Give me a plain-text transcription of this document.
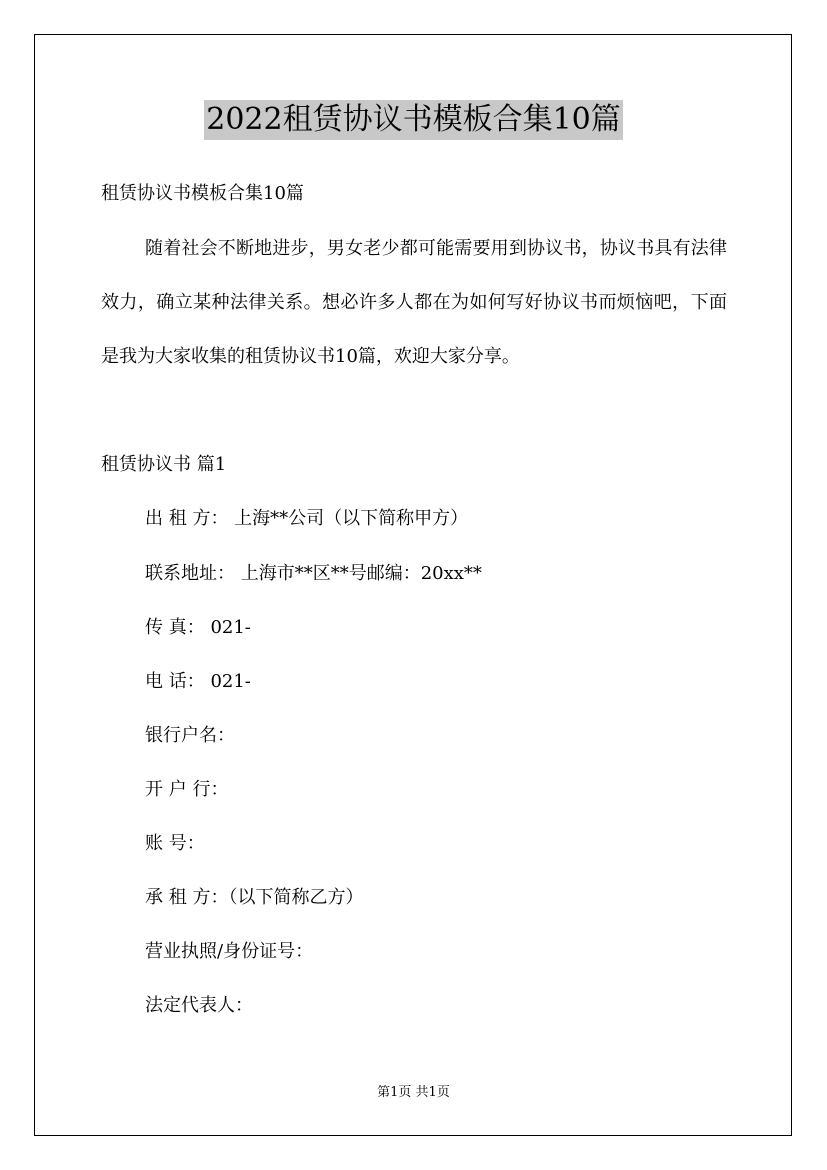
2022租赁协议书模板合集10篇
租赁协议书模板合集10篇
随着社会不断地进步，男女老少都可能需要用到协议书，协议书具有法律效力，确立某种法律关系。想必许多人都在为如何写好协议书而烦恼吧，下面是我为大家收集的租赁协议书10篇，欢迎大家分享。
租赁协议书 篇1
出 租 方： 上海**公司（以下简称甲方）
联系地址： 上海市**区**号邮编：20xx**
传 真： 021-
电 话： 021-
银行户名：
开 户 行：
账 号：
承 租 方：（以下简称乙方）
营业执照/身份证号：
法定代表人：
第1页 共1页
